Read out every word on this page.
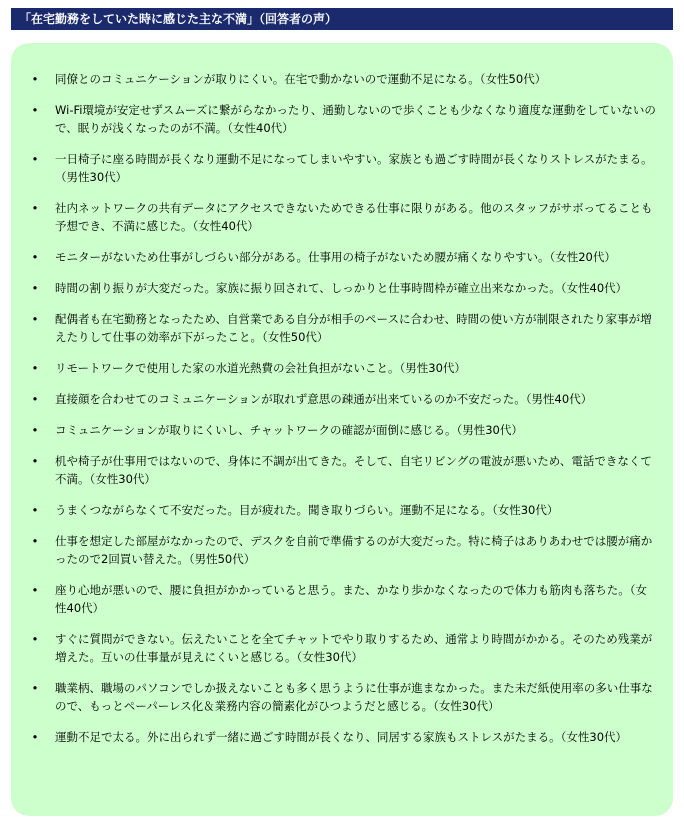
「在宅勤務をしていた時に感じた主な不満」（回答者の声）
• 同僚とのコミュニケーションが取りにくい。在宅で動かないので運動不足になる。（女性50代）
• Wi-Fi環境が安定せずスムーズに繋がらなかったり、通勤しないので歩くことも少なくなり適度な運動をしていないので、眠りが浅くなったのが不満。（女性40代）
• 一日椅子に座る時間が長くなり運動不足になってしまいやすい。家族とも過ごす時間が長くなりストレスがたまる。（男性30代）
• 社内ネットワークの共有データにアクセスできないためできる仕事に限りがある。他のスタッフがサボってることも予想でき、不満に感じた。（女性40代）
• モニターがないため仕事がしづらい部分がある。仕事用の椅子がないため腰が痛くなりやすい。（女性20代）
• 時間の割り振りが大変だった。家族に振り回されて、しっかりと仕事時間枠が確立出来なかった。（女性40代）
• 配偶者も在宅勤務となったため、自営業である自分が相手のペースに合わせ、時間の使い方が制限されたり家事が増えたりして仕事の効率が下がったこと。（女性50代）
• リモートワークで使用した家の水道光熱費の会社負担がないこと。（男性30代）
• 直接顔を合わせてのコミュニケーションが取れず意思の疎通が出来ているのか不安だった。（男性40代）
• コミュニケーションが取りにくいし、チャットワークの確認が面倒に感じる。（男性30代）
• 机や椅子が仕事用ではないので、身体に不調が出てきた。そして、自宅リビングの電波が悪いため、電話できなくて不満。（女性30代）
• うまくつながらなくて不安だった。目が疲れた。聞き取りづらい。運動不足になる。（女性30代）
• 仕事を想定した部屋がなかったので、デスクを自前で準備するのが大変だった。特に椅子はありあわせでは腰が痛かったので2回買い替えた。（男性50代）
• 座り心地が悪いので、腰に負担がかかっていると思う。また、かなり歩かなくなったので体力も筋肉も落ちた。（女性40代）
• すぐに質問ができない。伝えたいことを全てチャットでやり取りするため、通常より時間がかかる。そのため残業が増えた。互いの仕事量が見えにくいと感じる。（女性30代）
• 職業柄、職場のパソコンでしか扱えないことも多く思うように仕事が進まなかった。また未だ紙使用率の多い仕事なので、もっとペーパーレス化＆業務内容の簡素化がひつようだと感じる。（女性30代）
• 運動不足で太る。外に出られず一緒に過ごす時間が長くなり、同居する家族もストレスがたまる。（女性30代）
